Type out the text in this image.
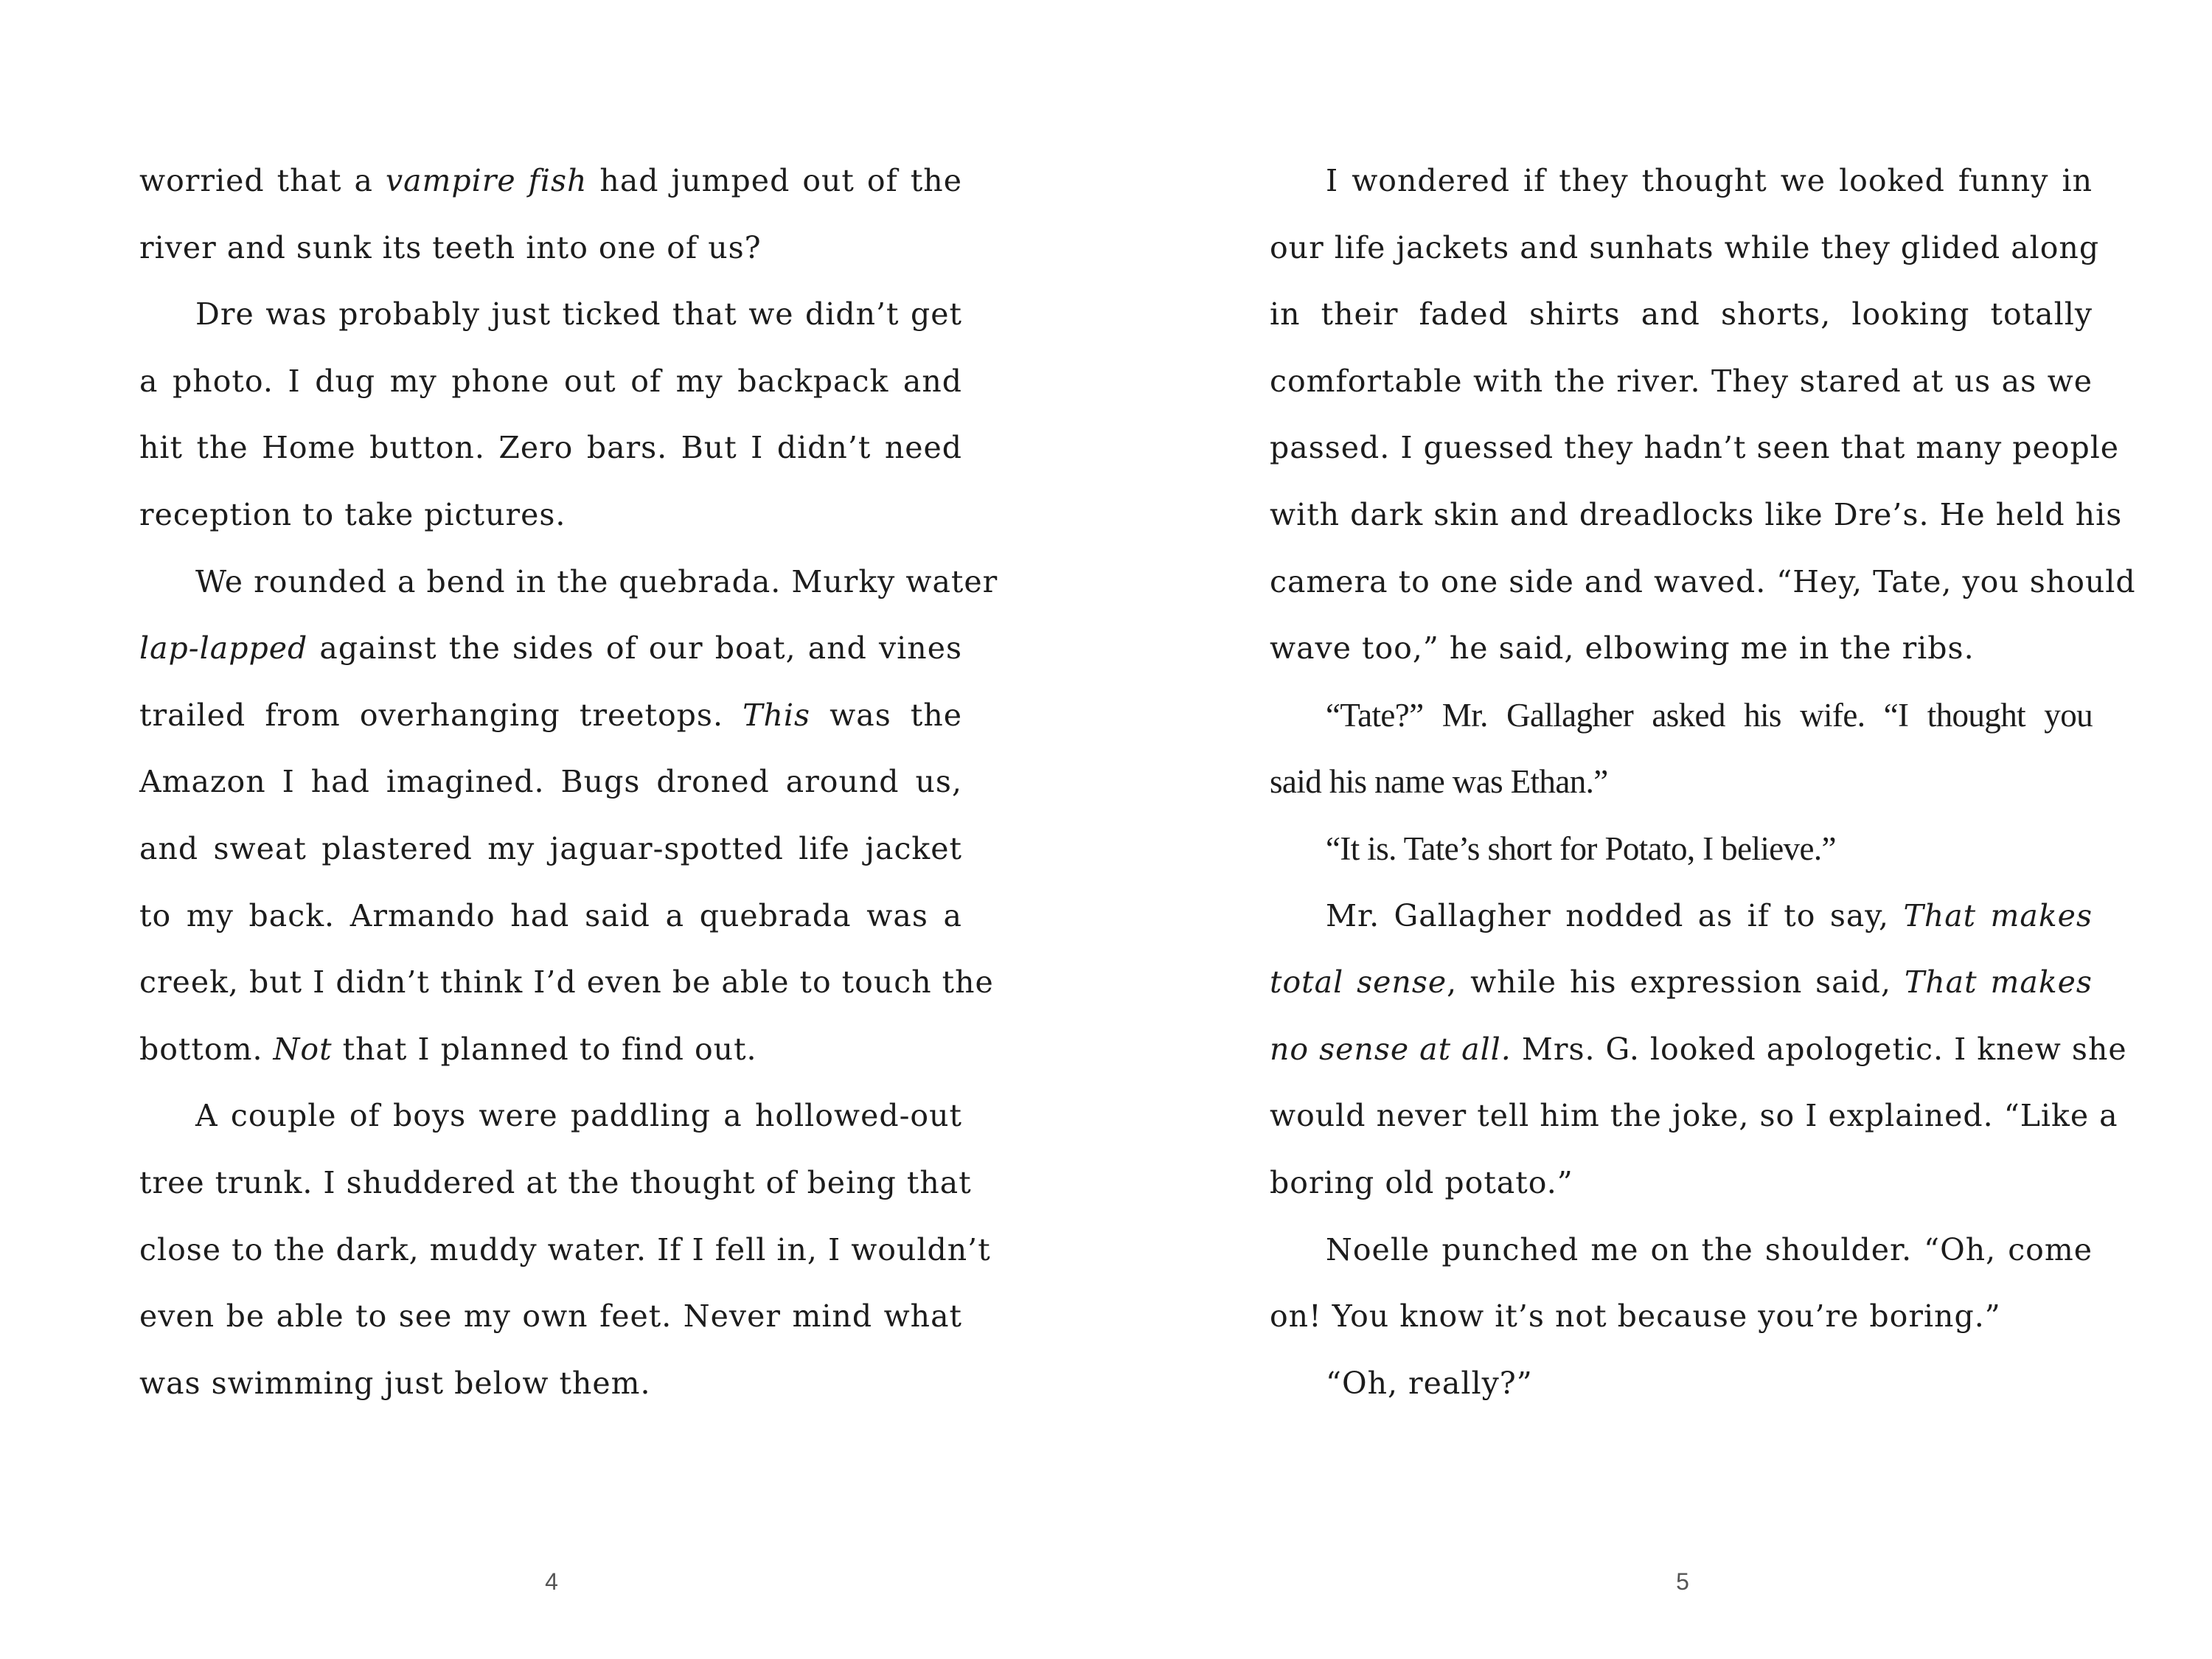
worried that a vampire fish had jumped out of the
river and sunk its teeth into one of us?
Dre was probably just ticked that we didn’t get
a photo. I dug my phone out of my backpack and
hit the Home button. Zero bars. But I didn’t need
reception to take pictures.
We rounded a bend in the quebrada. Murky water
lap-lapped against the sides of our boat, and vines
trailed from overhanging treetops. This was the
Amazon I had imagined. Bugs droned around us,
and sweat plastered my jaguar-spotted life jacket
to my back. Armando had said a quebrada was a
creek, but I didn’t think I’d even be able to touch the
bottom. Not that I planned to find out.
A couple of boys were paddling a hollowed-out
tree trunk. I shuddered at the thought of being that
close to the dark, muddy water. If I fell in, I wouldn’t
even be able to see my own feet. Never mind what
was swimming just below them.
4
I wondered if they thought we looked funny in
our life jackets and sunhats while they glided along
in their faded shirts and shorts, looking totally
comfortable with the river. They stared at us as we
passed. I guessed they hadn’t seen that many people
with dark skin and dreadlocks like Dre’s. He held his
camera to one side and waved. “Hey, Tate, you should
wave too,” he said, elbowing me in the ribs.
“Tate?” Mr. Gallagher asked his wife. “I thought you
said his name was Ethan.”
“It is. Tate’s short for Potato, I believe.”
Mr. Gallagher nodded as if to say, That makes
total sense, while his expression said, That makes
no sense at all. Mrs. G. looked apologetic. I knew she
would never tell him the joke, so I explained. “Like a
boring old potato.”
Noelle punched me on the shoulder. “Oh, come
on! You know it’s not because you’re boring.”
“Oh, really?”
5
